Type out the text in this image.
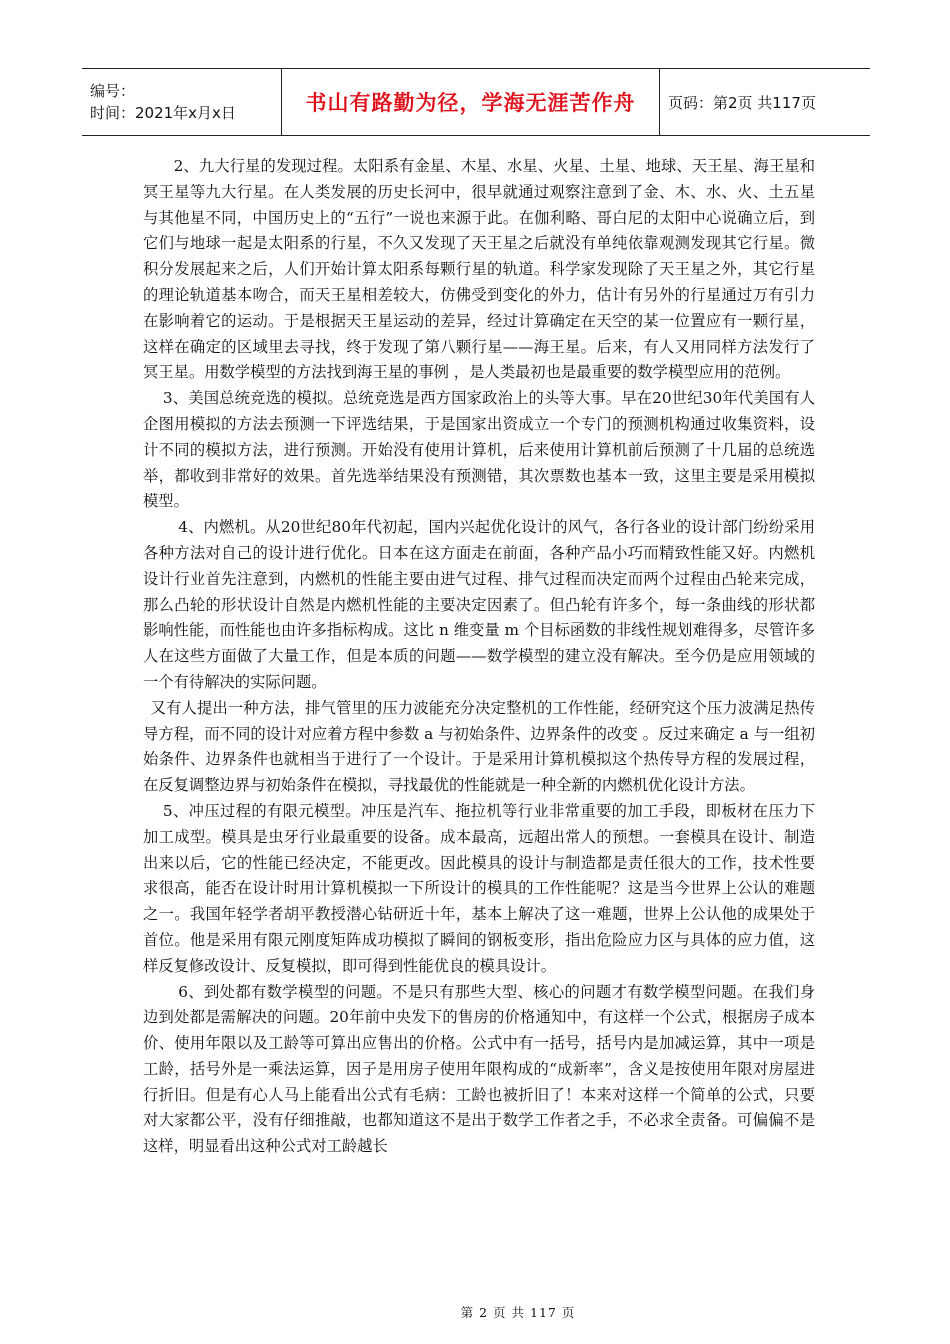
编号：
时间：2021年x月x日	书山有路勤为径，学海无涯苦作舟	页码：第2页 共117页

2、九大行星的发现过程。太阳系有金星、木星、水星、火星、土星、地球、天王星、海王星和冥王星等九大行星。在人类发展的历史长河中，很早就通过观察注意到了金、木、水、火、土五星与其他星不同，中国历史上的“五行”一说也来源于此。在伽利略、哥白尼的太阳中心说确立后，到它们与地球一起是太阳系的行星，不久又发现了天王星之后就没有单纯依靠观测发现其它行星。微积分发展起来之后，人们开始计算太阳系每颗行星的轨道。科学家发现除了天王星之外，其它行星的理论轨道基本吻合，而天王星相差较大，仿佛受到变化的外力，估计有另外的行星通过万有引力在影响着它的运动。于是根据天王星运动的差异，经过计算确定在天空的某一位置应有一颗行星，这样在确定的区域里去寻找，终于发现了第八颗行星——海王星。后来，有人又用同样方法发行了冥王星。用数学模型的方法找到海王星的事例 ，是人类最初也是最重要的数学模型应用的范例。

3、美国总统竞选的模拟。总统竞选是西方国家政治上的头等大事。早在20世纪30年代美国有人企图用模拟的方法去预测一下评选结果，于是国家出资成立一个专门的预测机构通过收集资料，设计不同的模拟方法，进行预测。开始没有使用计算机，后来使用计算机前后预测了十几届的总统选举，都收到非常好的效果。首先选举结果没有预测错，其次票数也基本一致，这里主要是采用模拟模型。

4、内燃机。从20世纪80年代初起，国内兴起优化设计的风气，各行各业的设计部门纷纷采用各种方法对自己的设计进行优化。日本在这方面走在前面，各种产品小巧而精致性能又好。内燃机设计行业首先注意到，内燃机的性能主要由进气过程、排气过程而决定而两个过程由凸轮来完成，那么凸轮的形状设计自然是内燃机性能的主要决定因素了。但凸轮有许多个，每一条曲线的形状都影响性能，而性能也由许多指标构成。这比 n 维变量 m 个目标函数的非线性规划难得多，尽管许多人在这些方面做了大量工作，但是本质的问题——数学模型的建立没有解决。至今仍是应用领域的一个有待解决的实际问题。

又有人提出一种方法，排气管里的压力波能充分决定整机的工作性能，经研究这个压力波满足热传导方程，而不同的设计对应着方程中参数 a 与初始条件、边界条件的改变 。反过来确定 a 与一组初始条件、边界条件也就相当于进行了一个设计。于是采用计算机模拟这个热传导方程的发展过程，在反复调整边界与初始条件在模拟，寻找最优的性能就是一种全新的内燃机优化设计方法。

5、冲压过程的有限元模型。冲压是汽车、拖拉机等行业非常重要的加工手段，即板材在压力下加工成型。模具是虫牙行业最重要的设备。成本最高，远超出常人的预想。一套模具在设计、制造出来以后，它的性能已经决定，不能更改。因此模具的设计与制造都是责任很大的工作，技术性要求很高，能否在设计时用计算机模拟一下所设计的模具的工作性能呢？这是当今世界上公认的难题之一。我国年轻学者胡平教授潜心钻研近十年，基本上解决了这一难题，世界上公认他的成果处于首位。他是采用有限元刚度矩阵成功模拟了瞬间的钢板变形，指出危险应力区与具体的应力值，这样反复修改设计、反复模拟，即可得到性能优良的模具设计。

6、到处都有数学模型的问题。不是只有那些大型、核心的问题才有数学模型问题。在我们身边到处都是需解决的问题。20年前中央发下的售房的价格通知中，有这样一个公式，根据房子成本价、使用年限以及工龄等可算出应售出的价格。公式中有一括号，括号内是加减运算，其中一项是工龄，括号外是一乘法运算，因子是用房子使用年限构成的“成新率”，含义是按使用年限对房屋进行折旧。但是有心人马上能看出公式有毛病：工龄也被折旧了！本来对这样一个简单的公式，只要对大家都公平，没有仔细推敲，也都知道这不是出于数学工作者之手，不必求全责备。可偏偏不是这样，明显看出这种公式对工龄越长

第 2 页 共 117 页
